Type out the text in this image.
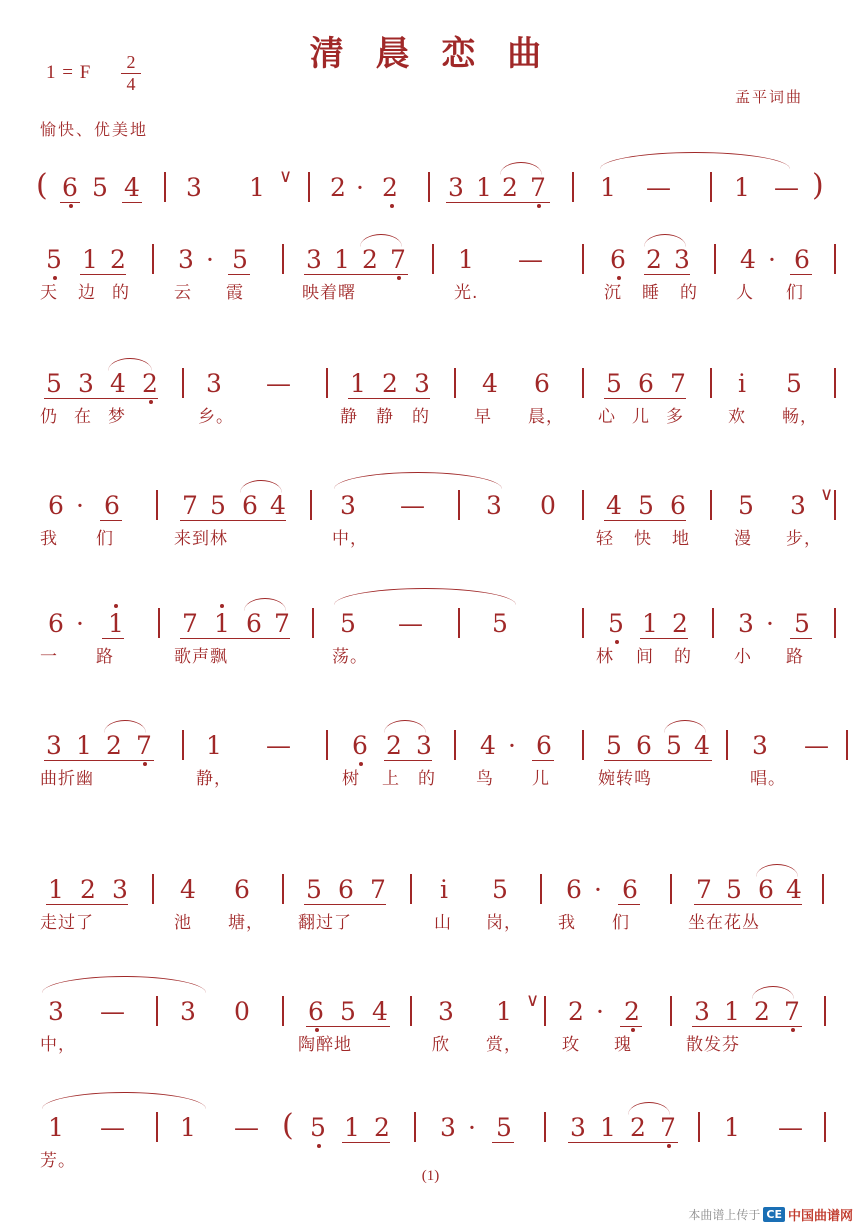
清 晨 恋 曲
1 = F	2
4
孟平词曲
愉快、优美地
( 6 5 4 3 1 ∨ 2 · 2 3 1 2 7 1 —	1 — )
5 1 2 3 · 5 3 1 2 7 1 —	6 2 3 4 · 6
天 边 的	云 霞	映着曙	光.	沉 睡 的 人 们
5 3 4 2 3 — 1 2 3 4 6 5 6 7 i 5
仍 在 梦	乡。	静 静 的	早 晨， 心 儿 多	欢 畅，
6 · 6 7 5 6 4 3 — 3 0 4 5 6 5 3 ∨
我 们	来到林	中，	轻 快 地	漫 步，
6 · 1 7 1 6 7 5 —	5	5 1 2 3 · 5
一 路	歌声飘	荡。	林 间 的 小 路
3 1 2 7 1 — 6 2 3 4 · 6 5 6 5 4 3 —
曲折幽	静，	树 上 的 鸟 儿	婉转鸣	唱。
1 2 3 4 6 5 6 7 i 5 6 · 6 7 5 6 4
走过了	池 塘， 翻过了	山 岗， 我 们	坐在花丛
3 — 3 0 6 5 4 3 1 ∨ 2 · 2 3 1 2 7
中，	陶醉地	欣 赏， 玫 瑰	散发芬
1 — 1 — ( 5 1 2 3 · 5 3 1 2 7 1 —
芳。
(1)
本曲谱上传于 CE 中国曲谱网
